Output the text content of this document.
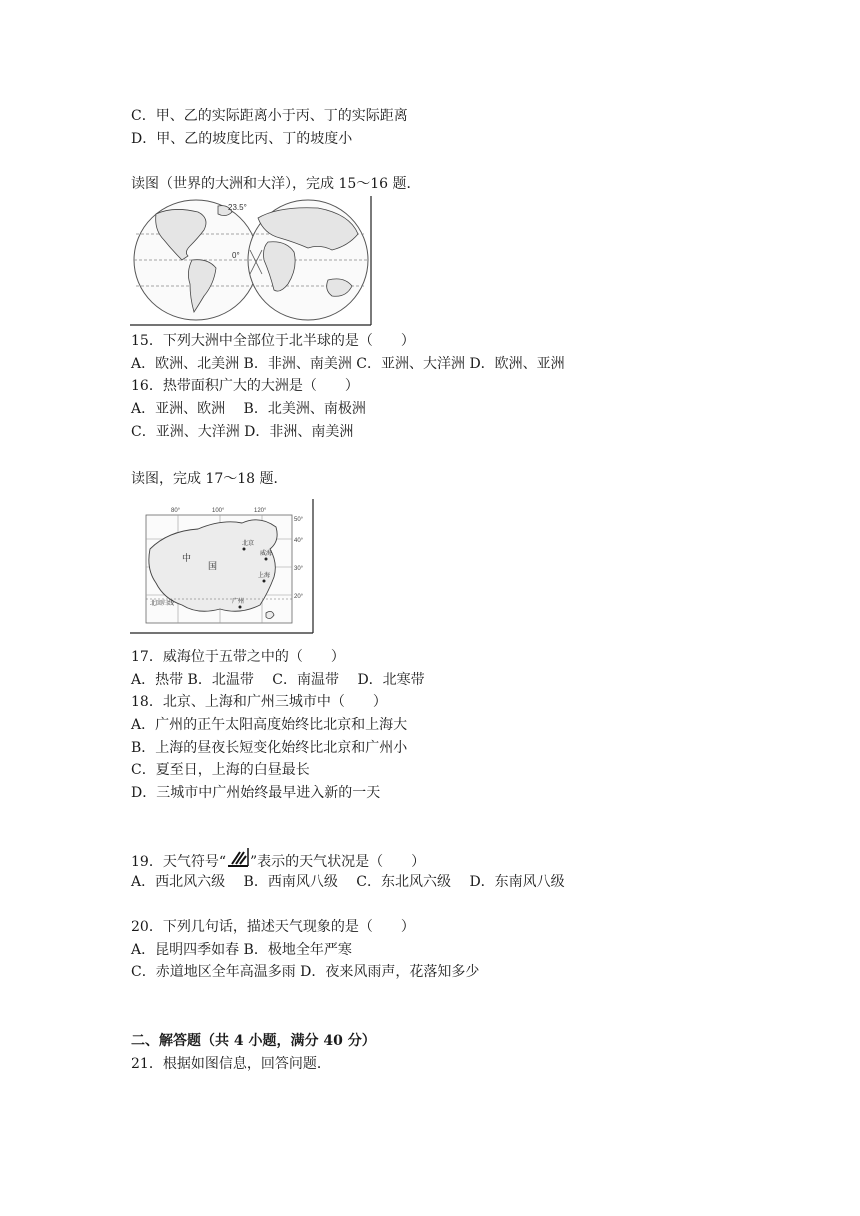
C．甲、乙的实际距离小于丙、丁的实际距离
D．甲、乙的坡度比丙、丁的坡度小
读图（世界的大洲和大洋），完成 15～16 题．
23.5°
0°
15．下列大洲中全部位于北半球的是（　　）
A．欧洲、北美洲 B．非洲、南美洲 C．亚洲、大洋洲 D．欧洲、亚洲
16．热带面积广大的大洲是（　　）
A．亚洲、欧洲　 B．北美洲、南极洲
C．亚洲、大洋洲 D．非洲、南美洲
读图，完成 17～18 题．
80°	100°	120°
50°
40°
30°
20°
中
国
北京
威海
上海
广州
北回归线
17．威海位于五带之中的（　　）
A．热带 B．北温带　 C．南温带　 D．北寒带
18．北京、上海和广州三城市中（　　）
A．广州的正午太阳高度始终比北京和上海大
B．上海的昼夜长短变化始终比北京和广州小
C．夏至日，上海的白昼最长
D．三城市中广州始终最早进入新的一天
19．天气符号“ ”表示的天气状况是（　　）
A．西北风六级　 B．西南风八级　 C．东北风六级　 D．东南风八级
20．下列几句话，描述天气现象的是（　　）
A．昆明四季如春 B．极地全年严寒
C．赤道地区全年高温多雨 D．夜来风雨声，花落知多少
二、解答题（共 4 小题，满分 40 分）
21．根据如图信息，回答问题．
